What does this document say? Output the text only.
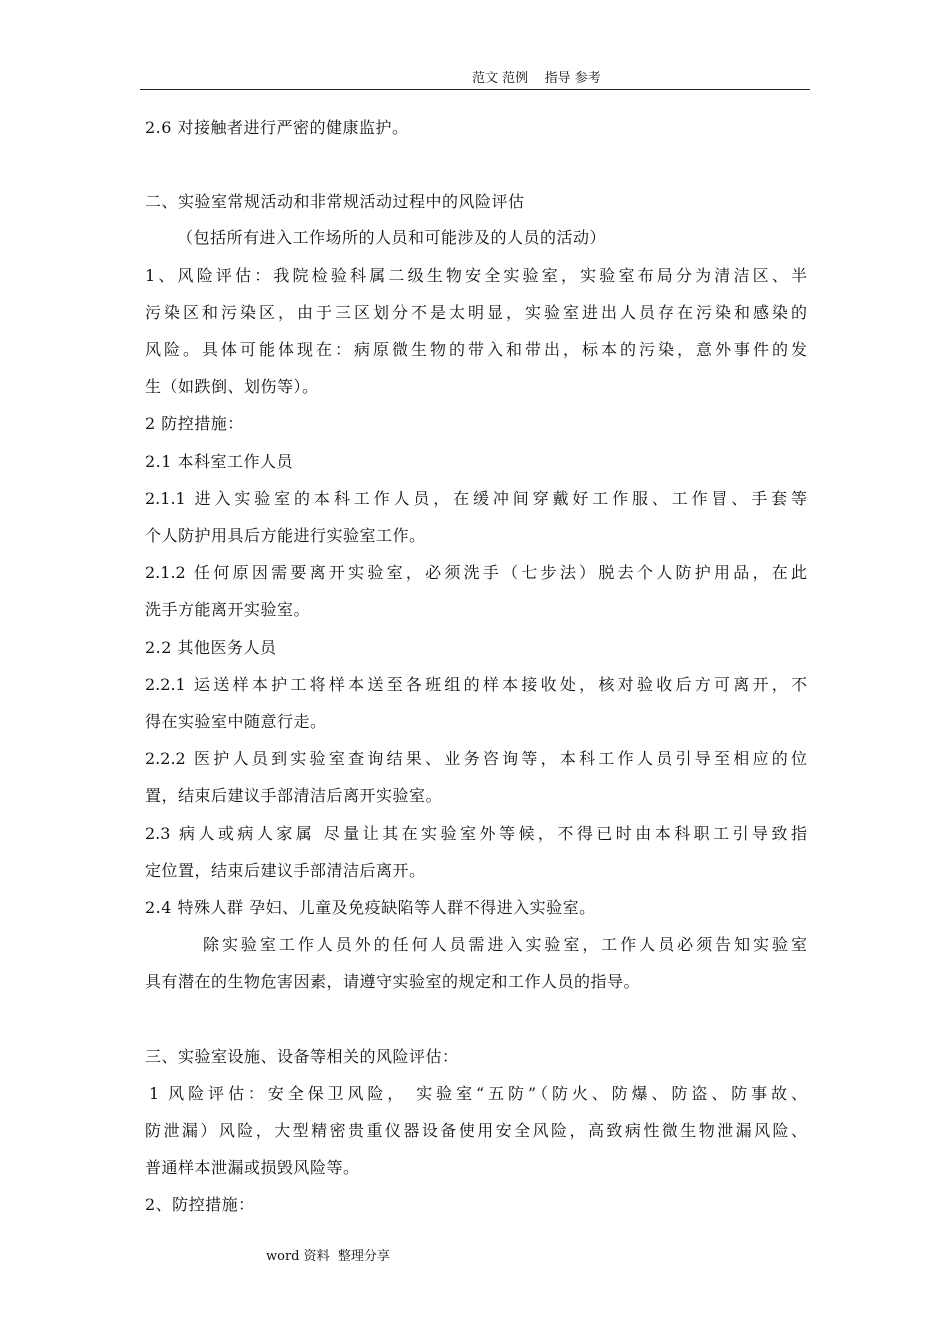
范文 范例    指导 参考
2.6 对接触者进行严密的健康监护。
二、实验室常规活动和非常规活动过程中的风险评估
（包括所有进入工作场所的人员和可能涉及的人员的活动）
1、风险评估：我院检验科属二级生物安全实验室，实验室布局分为清洁区、半
污染区和污染区，由于三区划分不是太明显，实验室进出人员存在污染和感染的
风险。具体可能体现在：病原微生物的带入和带出，标本的污染，意外事件的发
生（如跌倒、划伤等）。
2 防控措施：
2.1 本科室工作人员
2.1.1 进入实验室的本科工作人员，在缓冲间穿戴好工作服、工作冒、手套等
个人防护用具后方能进行实验室工作。
2.1.2 任何原因需要离开实验室，必须洗手（七步法）脱去个人防护用品，在此
洗手方能离开实验室。
2.2 其他医务人员
2.2.1 运送样本护工将样本送至各班组的样本接收处，核对验收后方可离开，不
得在实验室中随意行走。
2.2.2 医护人员到实验室查询结果、业务咨询等，本科工作人员引导至相应的位
置，结束后建议手部清洁后离开实验室。
2.3 病人或病人家属 尽量让其在实验室外等候，不得已时由本科职工引导致指
定位置，结束后建议手部清洁后离开。
2.4 特殊人群 孕妇、儿童及免疫缺陷等人群不得进入实验室。
除实验室工作人员外的任何人员需进入实验室，工作人员必须告知实验室
具有潜在的生物危害因素，请遵守实验室的规定和工作人员的指导。
三、实验室设施、设备等相关的风险评估：
1 风险评估：安全保卫风险， 实验室“五防”（防火、防爆、防盗、防事故、
防泄漏）风险，大型精密贵重仪器设备使用安全风险，高致病性微生物泄漏风险、
普通样本泄漏或损毁风险等。
2、防控措施：
word 资料  整理分享
